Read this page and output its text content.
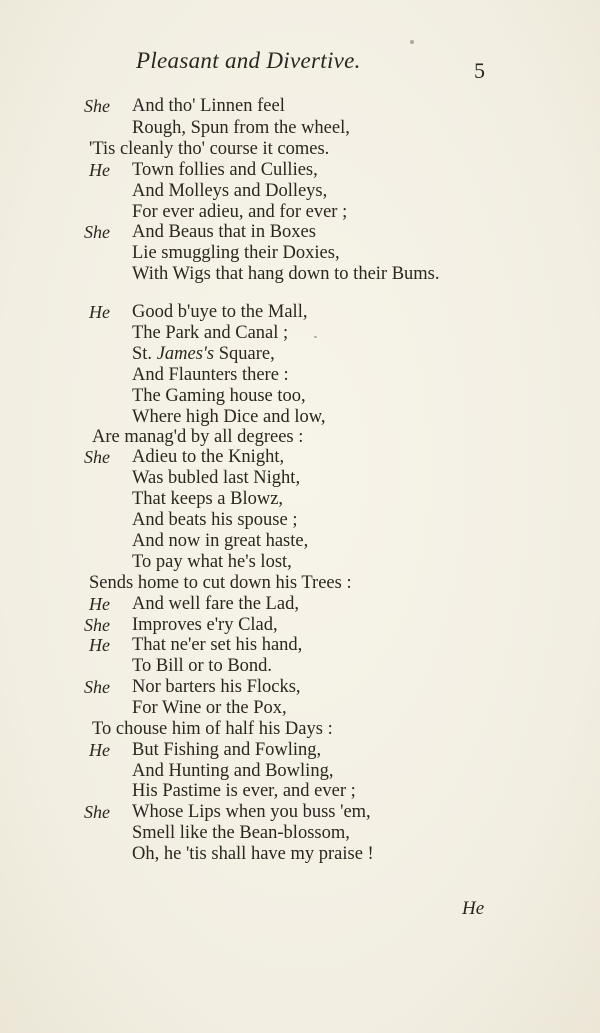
Pleasant and Divertive.	5
She And tho' Linnen feel
Rough, Spun from the wheel,
'Tis cleanly tho' course it comes.
He Town follies and Cullies,
And Molleys and Dolleys,
For ever adieu, and for ever ;
She And Beaus that in Boxes
Lie smuggling their Doxies,
With Wigs that hang down to their Bums.
He Good b'uye to the Mall,
The Park and Canal ;
St. James's Square,
And Flaunters there :
The Gaming house too,
Where high Dice and low,
Are manag'd by all degrees :
She Adieu to the Knight,
Was bubled last Night,
That keeps a Blowz,
And beats his spouse ;
And now in great haste,
To pay what he's lost,
Sends home to cut down his Trees :
He And well fare the Lad,
She Improves e'ry Clad,
He That ne'er set his hand,
To Bill or to Bond.
She Nor barters his Flocks,
For Wine or the Pox,
To chouse him of half his Days :
He But Fishing and Fowling,
And Hunting and Bowling,
His Pastime is ever, and ever ;
She Whose Lips when you buss 'em,
Smell like the Bean-blossom,
Oh, he 'tis shall have my praise !
He
